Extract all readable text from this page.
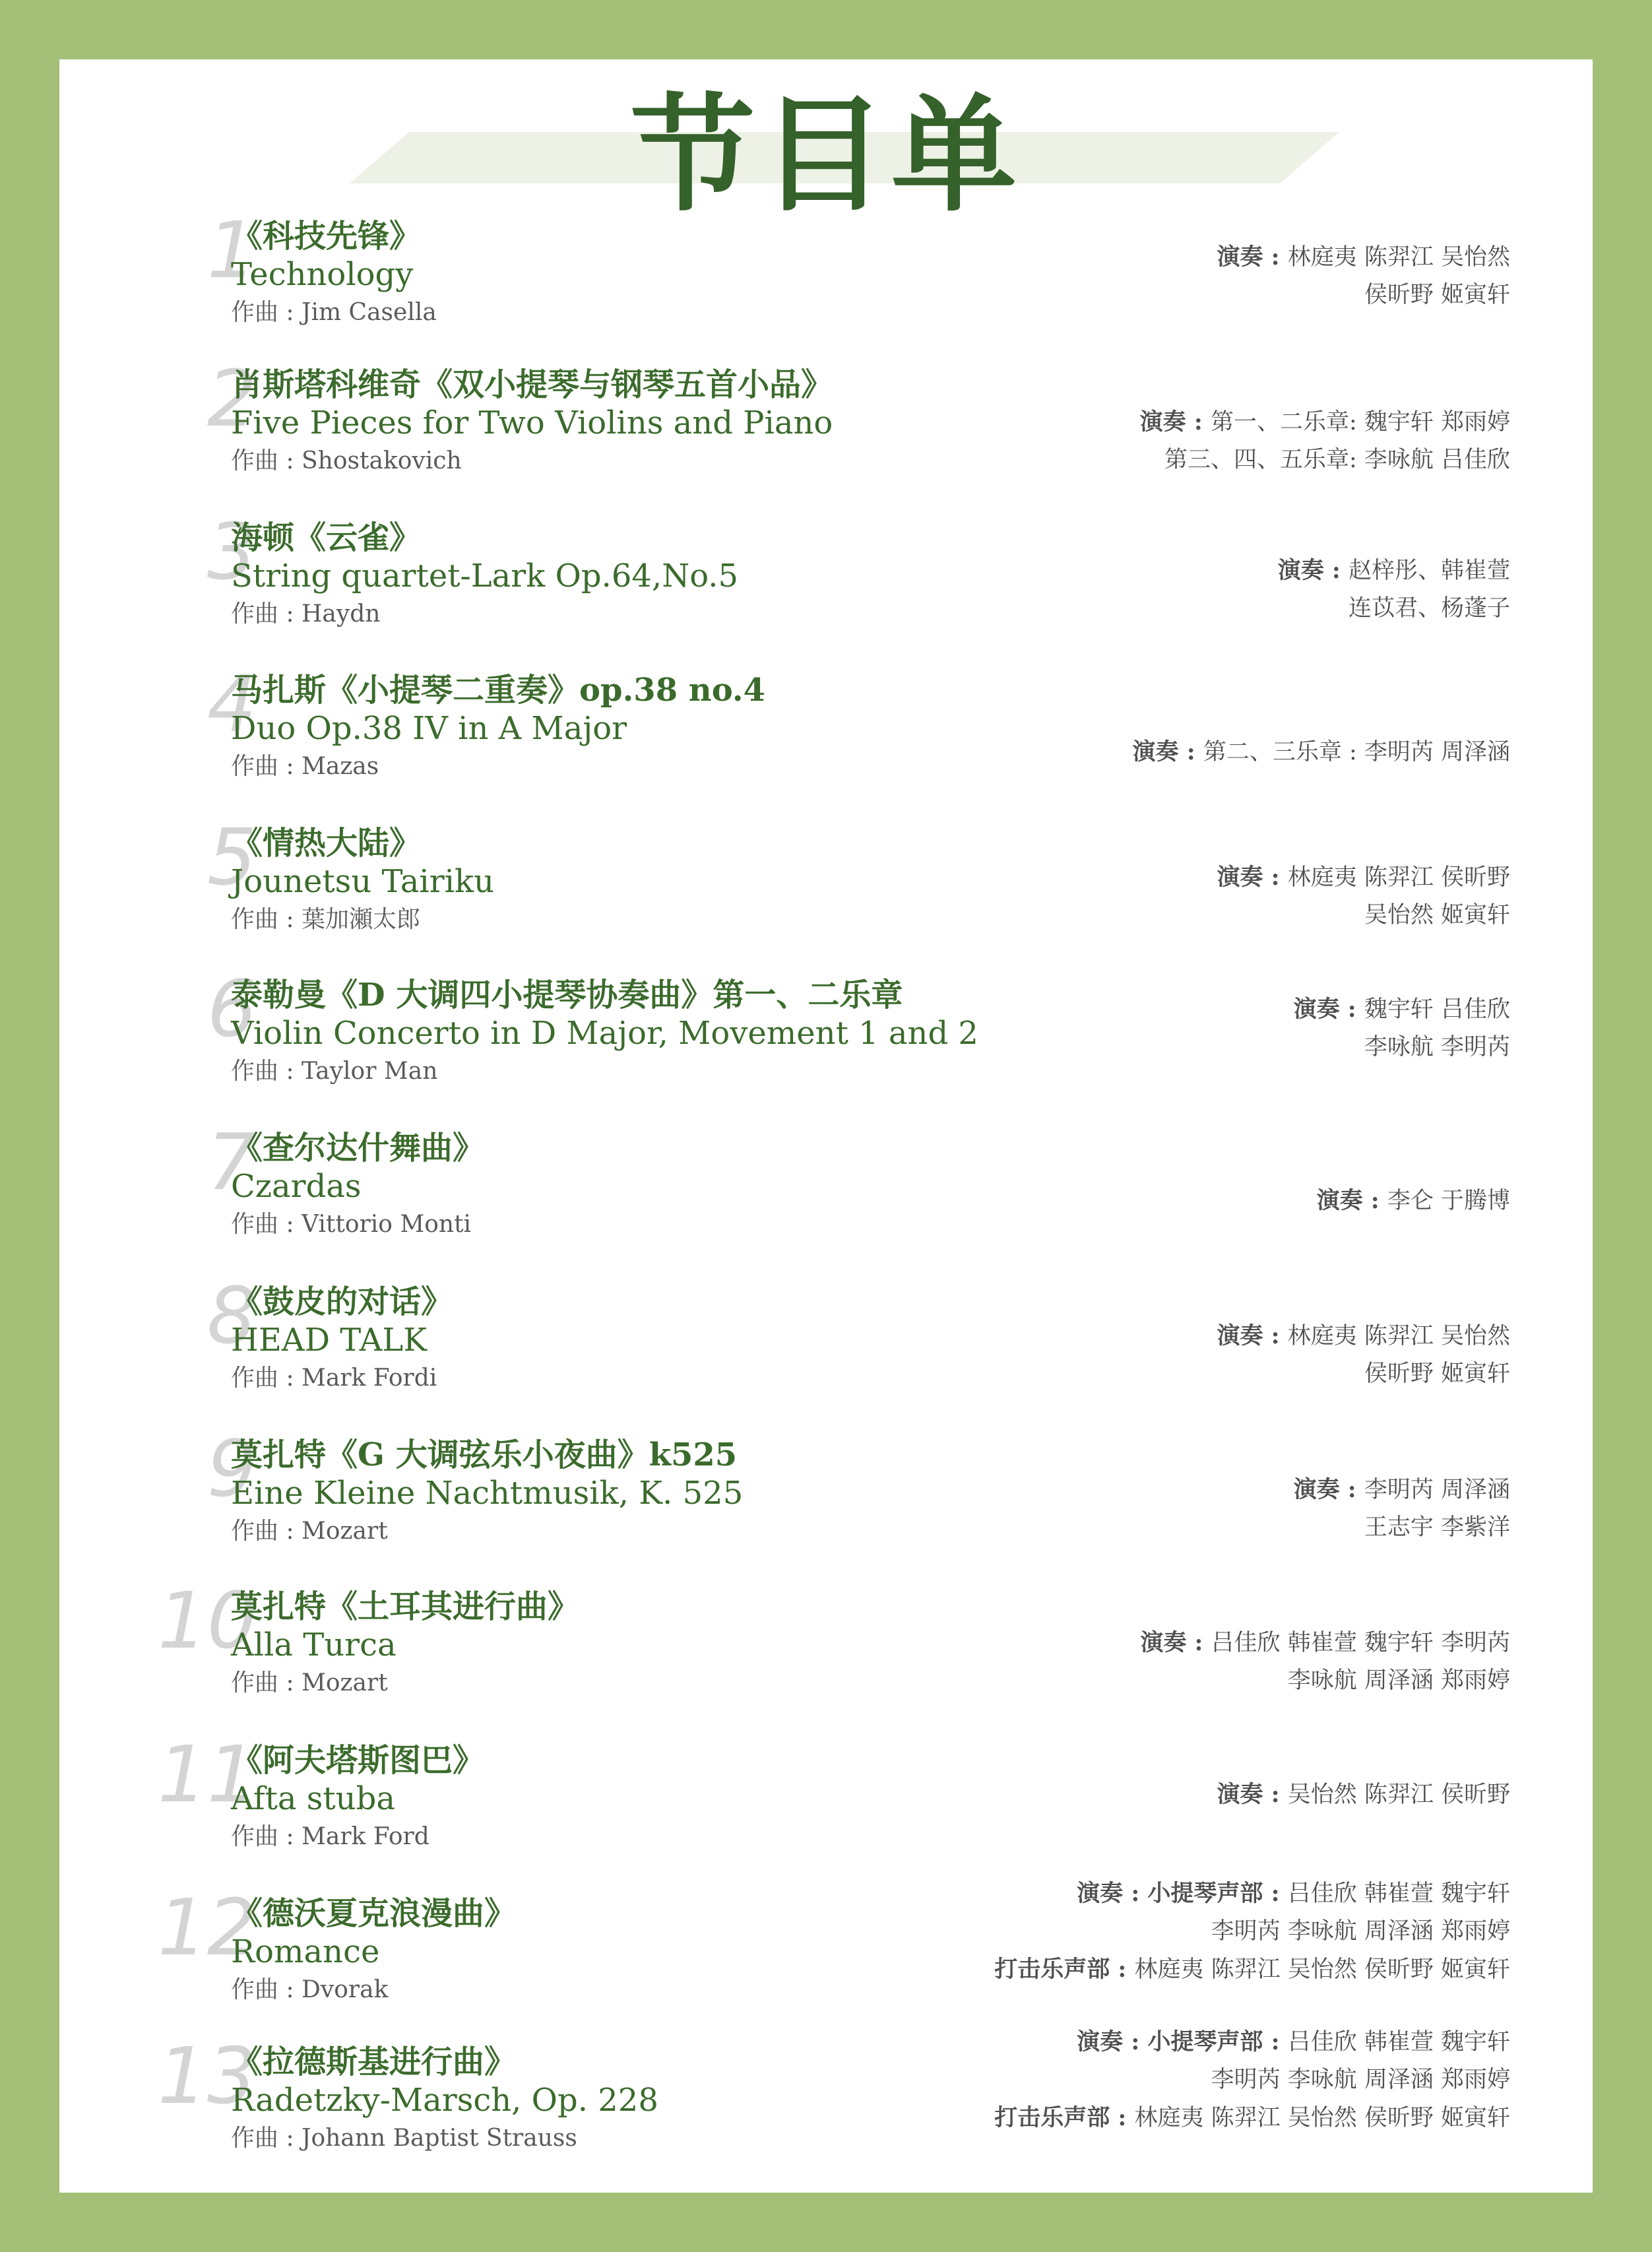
节目单
1
《科技先锋》
Technology
作曲 : Jim Casella
2
肖斯塔科维奇《双小提琴与钢琴五首小品》
Five Pieces for Two Violins and Piano
作曲 : Shostakovich
3
海顿《云雀》
String quartet-Lark Op.64,No.5
作曲 : Haydn
4
马扎斯《小提琴二重奏》op.38 no.4
Duo Op.38 IV in A Major
作曲 : Mazas
5
《情热大陆》
Jounetsu Tairiku
作曲 : 葉加瀬太郎
6
泰勒曼《D 大调四小提琴协奏曲》第一、二乐章
Violin Concerto in D Major, Movement 1 and 2
作曲 : Taylor Man
7
《查尔达什舞曲》
Czardas
作曲 : Vittorio Monti
8
《鼓皮的对话》
HEAD TALK
作曲 : Mark Fordi
9
莫扎特《G 大调弦乐小夜曲》k525
Eine Kleine Nachtmusik, K. 525
作曲 : Mozart
10
莫扎特《土耳其进行曲》
Alla Turca
作曲 : Mozart
11
《阿夫塔斯图巴》
Afta stuba
作曲 : Mark Ford
12
《德沃夏克浪漫曲》
Romance
作曲 : Dvorak
13
《拉德斯基进行曲》
Radetzky-Marsch, Op. 228
作曲 : Johann Baptist Strauss
演奏 : 林庭夷 陈羿江 吴怡然
侯昕野 姬寅轩
演奏 : 第一、二乐章: 魏宇轩 郑雨婷
第三、四、五乐章: 李咏航 吕佳欣
演奏 : 赵梓彤、韩崔萱
连苡君、杨蓬子
演奏 : 第二、三乐章 : 李明芮 周泽涵
演奏 : 林庭夷 陈羿江 侯昕野
吴怡然 姬寅轩
演奏 : 魏宇轩 吕佳欣
李咏航 李明芮
演奏 : 李仑 于腾博
演奏 : 林庭夷 陈羿江 吴怡然
侯昕野 姬寅轩
演奏 : 李明芮 周泽涵
王志宇 李紫洋
演奏 : 吕佳欣 韩崔萱 魏宇轩 李明芮
李咏航 周泽涵 郑雨婷
演奏 : 吴怡然 陈羿江 侯昕野
演奏 : 小提琴声部 : 吕佳欣 韩崔萱 魏宇轩
李明芮 李咏航 周泽涵 郑雨婷
打击乐声部 : 林庭夷 陈羿江 吴怡然 侯昕野 姬寅轩
演奏 : 小提琴声部 : 吕佳欣 韩崔萱 魏宇轩
李明芮 李咏航 周泽涵 郑雨婷
打击乐声部 : 林庭夷 陈羿江 吴怡然 侯昕野 姬寅轩
